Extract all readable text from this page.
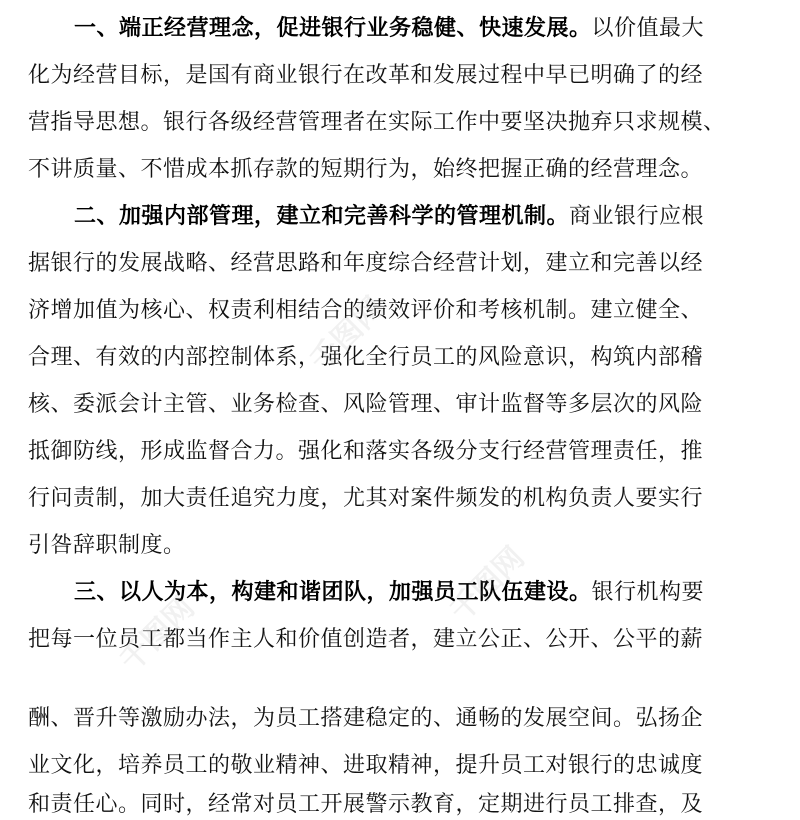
一、端正经营理念，促进银行业务稳健、快速发展。以价值最大
化为经营目标，是国有商业银行在改革和发展过程中早已明确了的经
营指导思想。银行各级经营管理者在实际工作中要坚决抛弃只求规模、
不讲质量、不惜成本抓存款的短期行为，始终把握正确的经营理念。
二、加强内部管理，建立和完善科学的管理机制。商业银行应根
据银行的发展战略、经营思路和年度综合经营计划，建立和完善以经
济增加值为核心、权责利相结合的绩效评价和考核机制。建立健全、
合理、有效的内部控制体系，强化全行员工的风险意识，构筑内部稽
核、委派会计主管、业务检查、风险管理、审计监督等多层次的风险
抵御防线，形成监督合力。强化和落实各级分支行经营管理责任，推
行问责制，加大责任追究力度，尤其对案件频发的机构负责人要实行
引咎辞职制度。
三、以人为本，构建和谐团队，加强员工队伍建设。银行机构要
把每一位员工都当作主人和价值创造者，建立公正、公开、公平的薪
酬、晋升等激励办法，为员工搭建稳定的、通畅的发展空间。弘扬企
业文化，培养员工的敬业精神、进取精神，提升员工对银行的忠诚度
和责任心。同时，经常对员工开展警示教育，定期进行员工排查，及
千图网
千图网
千图网
